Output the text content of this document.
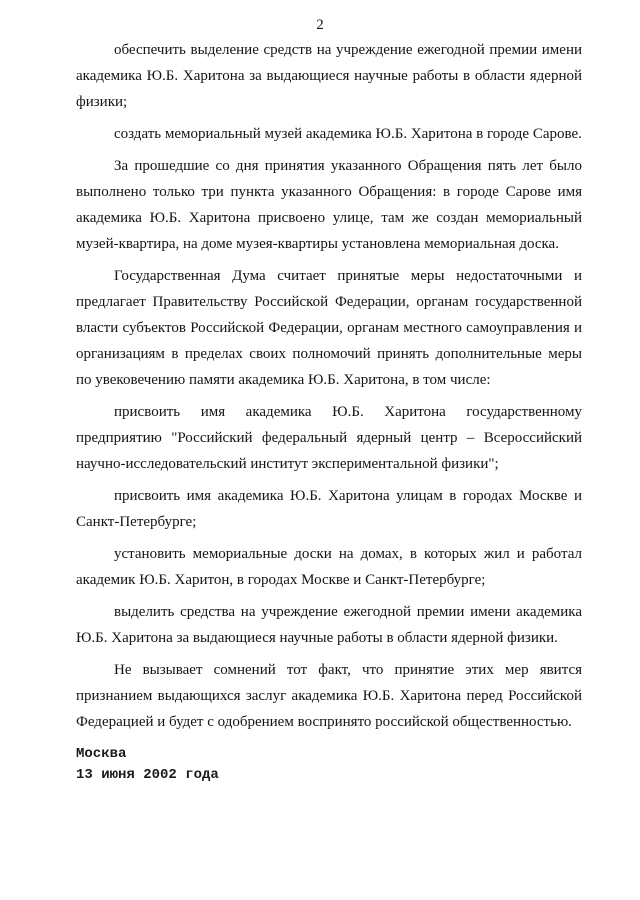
2

обеспечить выделение средств на учреждение ежегодной премии имени академика Ю.Б. Харитона за выдающиеся научные работы в области ядерной физики;

создать мемориальный музей академика Ю.Б. Харитона в городе Сарове.

За прошедшие со дня принятия указанного Обращения пять лет было выполнено только три пункта указанного Обращения: в городе Сарове имя академика Ю.Б. Харитона присвоено улице, там же создан мемориальный музей-квартира, на доме музея-квартиры установлена мемориальная доска.

Государственная Дума считает принятые меры недостаточными и предлагает Правительству Российской Федерации, органам государственной власти субъектов Российской Федерации, органам местного самоуправления и организациям в пределах своих полномочий принять дополнительные меры по увековечению памяти академика Ю.Б. Харитона, в том числе:

присвоить имя академика Ю.Б. Харитона государственному предприятию "Российский федеральный ядерный центр – Всероссийский научно-исследовательский институт экспериментальной физики";

присвоить имя академика Ю.Б. Харитона улицам в городах Москве и Санкт-Петербурге;

установить мемориальные доски на домах, в которых жил и работал академик Ю.Б. Харитон, в городах Москве и Санкт-Петербурге;

выделить средства на учреждение ежегодной премии имени академика Ю.Б. Харитона за выдающиеся научные работы в области ядерной физики.

Не вызывает сомнений тот факт, что принятие этих мер явится признанием выдающихся заслуг академика Ю.Б. Харитона перед Российской Федерацией и будет с одобрением воспринято российской общественностью.

Москва
13 июня 2002 года
